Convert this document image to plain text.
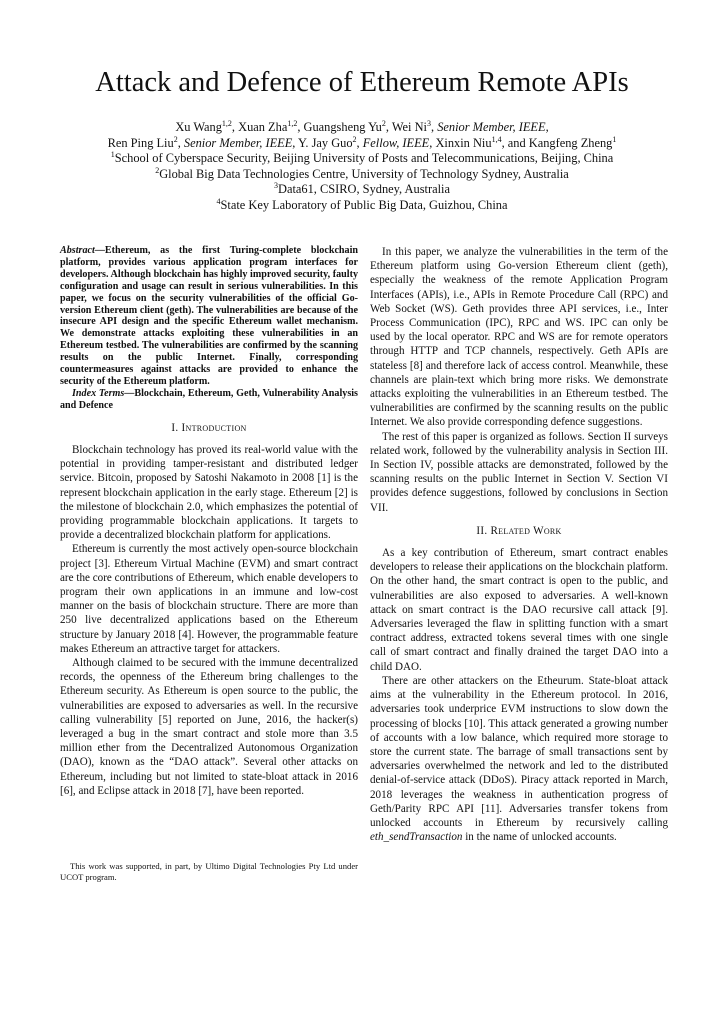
Attack and Defence of Ethereum Remote APIs
Xu Wang$^{1,2}$, Xuan Zha$^{1,2}$, Guangsheng Yu$^2$, Wei Ni$^3$, Senior Member, IEEE,
Ren Ping Liu$^2$, Senior Member, IEEE, Y. Jay Guo$^2$, Fellow, IEEE, Xinxin Niu$^{1,4}$, and Kangfeng Zheng$^1$
$^1$School of Cyberspace Security, Beijing University of Posts and Telecommunications, Beijing, China
$^2$Global Big Data Technologies Centre, University of Technology Sydney, Australia
$^3$Data61, CSIRO, Sydney, Australia
$^4$State Key Laboratory of Public Big Data, Guizhou, China
Abstract—Ethereum, as the first Turing-complete blockchain platform, provides various application program interfaces for developers. Although blockchain has highly improved security, faulty configuration and usage can result in serious vulnerabilities. In this paper, we focus on the security vulnerabilities of the official Go-version Ethereum client (geth). The vulnerabilities are because of the insecure API design and the specific Ethereum wallet mechanism. We demonstrate attacks exploiting these vulnerabilities in an Ethereum testbed. The vulnerabilities are confirmed by the scanning results on the public Internet. Finally, corresponding countermeasures against attacks are provided to enhance the security of the Ethereum platform.
Index Terms—Blockchain, Ethereum, Geth, Vulnerability Analysis and Defence
I. Introduction

Blockchain technology has proved its real-world value with the potential in providing tamper-resistant and distributed ledger service. Bitcoin, proposed by Satoshi Nakamoto in 2008 [1] is the represent blockchain application in the early stage. Ethereum [2] is the milestone of blockchain 2.0, which emphasizes the potential of providing programmable blockchain applications. It targets to provide a decentralized blockchain platform for applications.

Ethereum is currently the most actively open-source blockchain project [3]. Ethereum Virtual Machine (EVM) and smart contract are the core contributions of Ethereum, which enable developers to program their own applications in an immune and low-cost manner on the basis of blockchain structure. There are more than 250 live decentralized applications based on the Ethereum structure by January 2018 [4]. However, the programmable feature makes Ethereum an attractive target for attackers.

Although claimed to be secured with the immune decentralized records, the openness of the Ethereum bring challenges to the Ethereum security. As Ethereum is open source to the public, the vulnerabilities are exposed to adversaries as well. In the recursive calling vulnerability [5] reported on June, 2016, the hacker(s) leveraged a bug in the smart contract and stole more than 3.5 million ether from the Decentralized Autonomous Organization (DAO), known as the “DAO attack”. Several other attacks on Ethereum, including but not limited to state-bloat attack in 2016 [6], and Eclipse attack in 2018 [7], have been reported.

This work was supported, in part, by Ultimo Digital Technologies Pty Ltd under UCOT program.

In this paper, we analyze the vulnerabilities in the term of the Ethereum platform using Go-version Ethereum client (geth), especially the weakness of the remote Application Program Interfaces (APIs), i.e., APIs in Remote Procedure Call (RPC) and Web Socket (WS). Geth provides three API services, i.e., Inter Process Communication (IPC), RPC and WS. IPC can only be used by the local operator. RPC and WS are for remote operators through HTTP and TCP channels, respectively. Geth APIs are stateless [8] and therefore lack of access control. Meanwhile, these channels are plain-text which bring more risks. We demonstrate attacks exploiting the vulnerabilities in an Ethereum testbed. The vulnerabilities are confirmed by the scanning results on the public Internet. We also provide corresponding defence suggestions.

The rest of this paper is organized as follows. Section II surveys related work, followed by the vulnerability analysis in Section III. In Section IV, possible attacks are demonstrated, followed by the scanning results on the public Internet in Section V. Section VI provides defence suggestions, followed by conclusions in Section VII.

II. Related Work

As a key contribution of Ethereum, smart contract enables developers to release their applications on the blockchain platform. On the other hand, the smart contract is open to the public, and vulnerabilities are also exposed to adversaries. A well-known attack on smart contract is the DAO recursive call attack [9]. Adversaries leveraged the flaw in splitting function with a smart contract address, extracted tokens several times with one single call of smart contract and finally drained the target DAO into a child DAO.

There are other attackers on the Etheurum. State-bloat attack aims at the vulnerability in the Ethereum protocol. In 2016, adversaries took underprice EVM instructions to slow down the processing of blocks [10]. This attack generated a growing number of accounts with a low balance, which required more storage to store the current state. The barrage of small transactions sent by adversaries overwhelmed the network and led to the distributed denial-of-service attack (DDoS). Piracy attack reported in March, 2018 leverages the weakness in authentication progress of Geth/Parity RPC API [11]. Adversaries transfer tokens from unlocked accounts in Ethereum by recursively calling eth_sendTransaction in the name of unlocked accounts.
